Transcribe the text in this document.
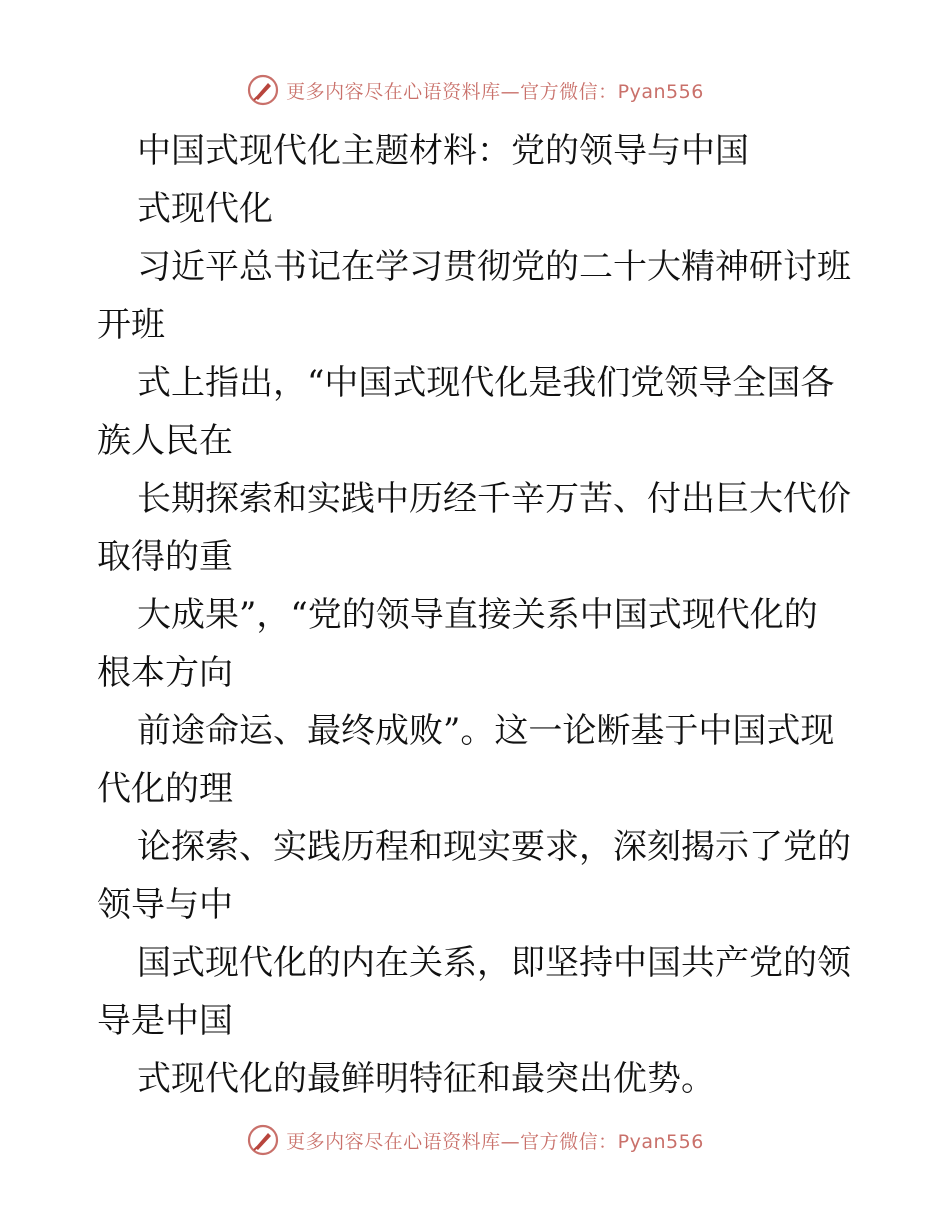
更多内容尽在心语资料库—官方微信：Pyan556
中国式现代化主题材料：党的领导与中国
式现代化
习近平总书记在学习贯彻党的二十大精神研讨班
开班
式上指出，“中国式现代化是我们党领导全国各
族人民在
长期探索和实践中历经千辛万苦、付出巨大代价
取得的重
大成果”，“党的领导直接关系中国式现代化的
根本方向
前途命运、最终成败”。这一论断基于中国式现
代化的理
论探索、实践历程和现实要求，深刻揭示了党的
领导与中
国式现代化的内在关系，即坚持中国共产党的领
导是中国
式现代化的最鲜明特征和最突出优势。
更多内容尽在心语资料库—官方微信：Pyan556
